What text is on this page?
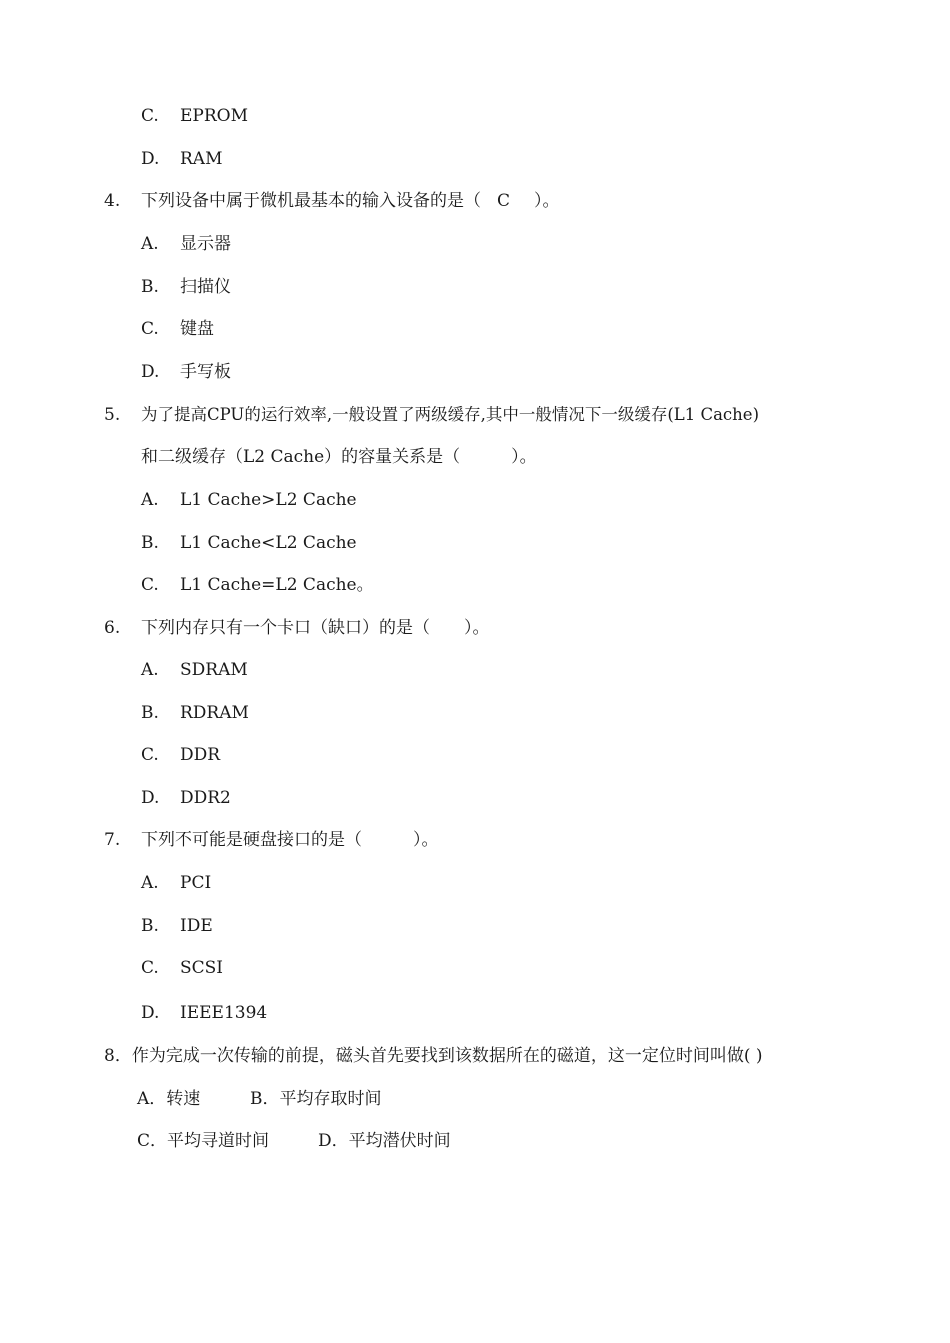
C. EPROM
D. RAM
4. 下列设备中属于微机最基本的输入设备的是（ C ）。
A. 显示器
B. 扫描仪
C. 键盘
D. 手写板
5. 为了提高CPU的运行效率,一般设置了两级缓存,其中一般情况下一级缓存(L1 Cache)
和二级缓存（L2 Cache）的容量关系是（　　　）。
A. L1 Cache>L2 Cache
B. L1 Cache<L2 Cache
C. L1 Cache=L2 Cache。
6. 下列内存只有一个卡口（缺口）的是（　　）。
A. SDRAM
B. RDRAM
C. DDR
D. DDR2
7. 下列不可能是硬盘接口的是（　　　）。
A. PCI
B. IDE
C. SCSI
D. IEEE1394
8．作为完成一次传输的前提，磁头首先要找到该数据所在的磁道，这一定位时间叫做( )
A．转速	B．平均存取时间
C．平均寻道时间	D．平均潜伏时间
